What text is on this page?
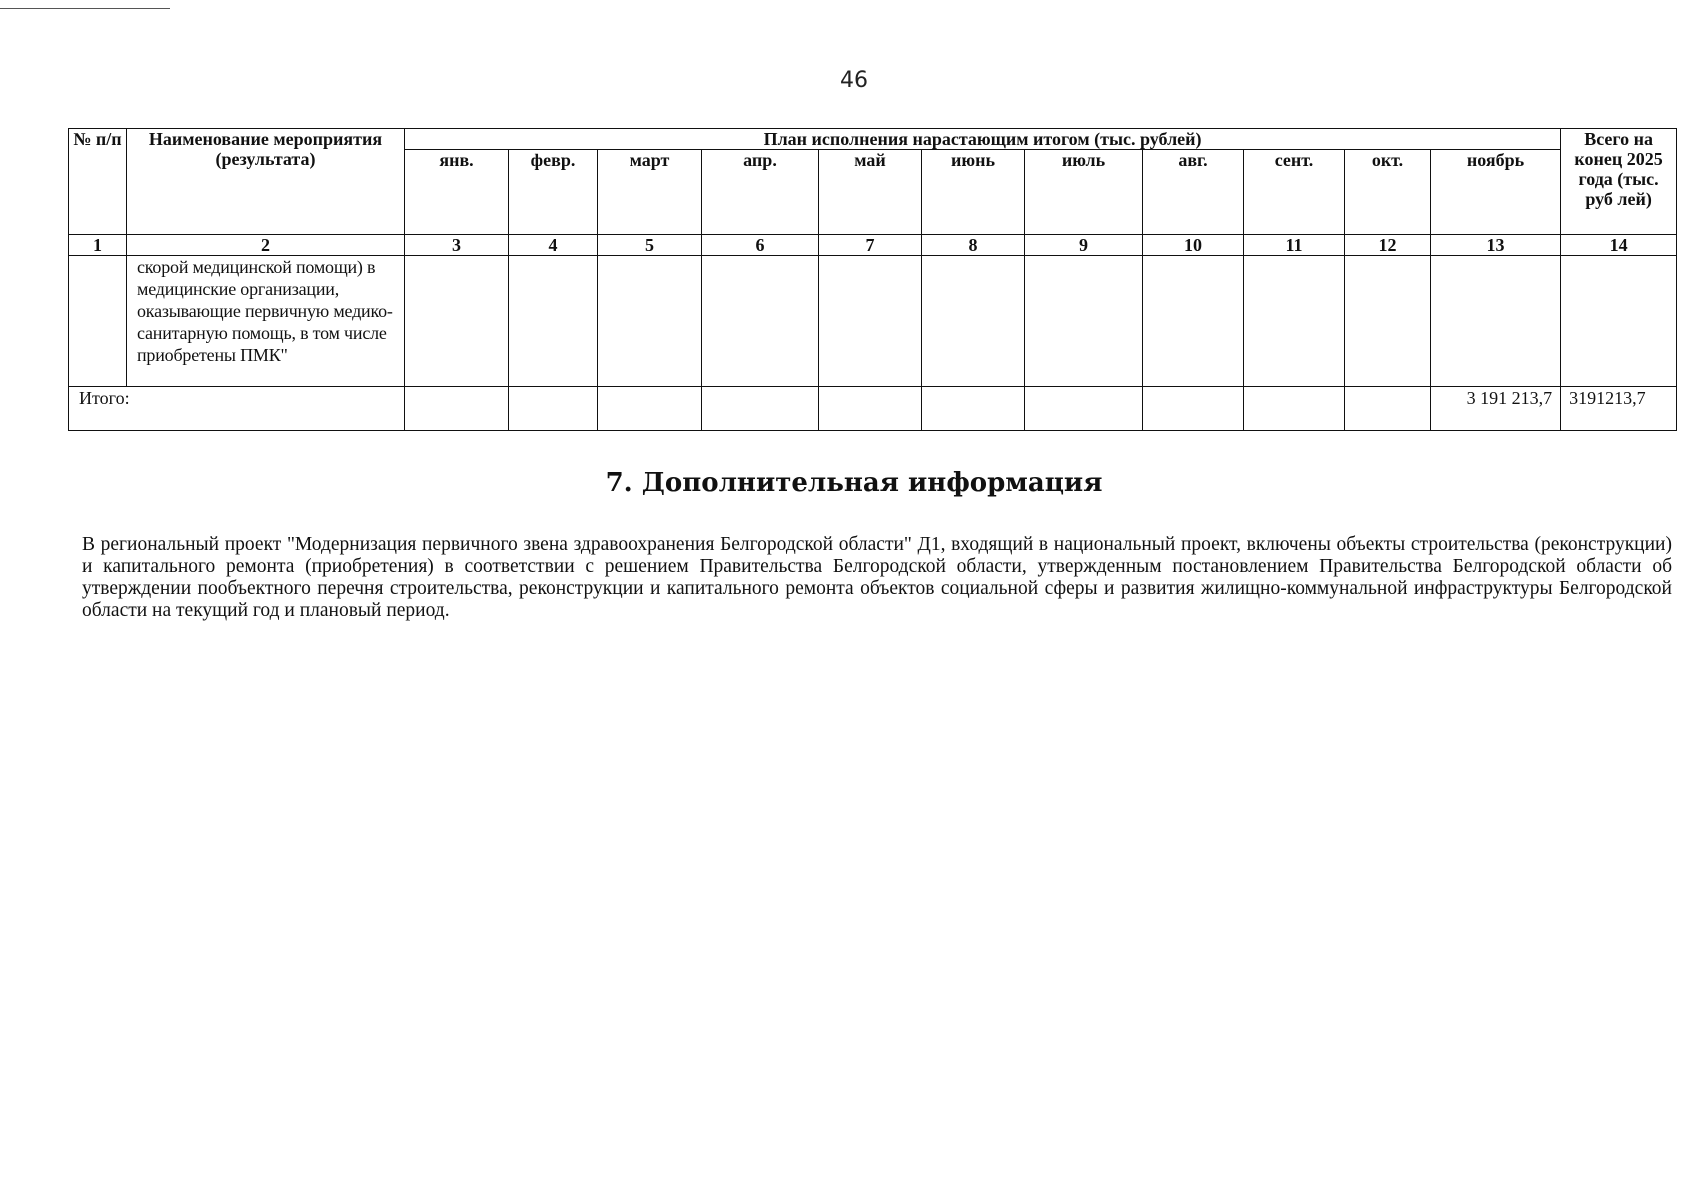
46
№ п/п	Наименование мероприятия (результата)	План исполнения нарастающим итогом (тыс. рублей)											Всего на конец 2025 года (тыс. руб лей)
		янв.	февр.	март	апр.	май	июнь	июль	авг.	сент.	окт.	ноябрь	
1	2	3	4	5	6	7	8	9	10	11	12	13	14
	скорой медицинской помощи) в медицинские организации, оказывающие первичную медико-санитарную помощь, в том числе приобретены ПМК"												
Итого:												3 191 213,7	3191213,7
7. Дополнительная информация

В региональный проект "Модернизация первичного звена здравоохранения Белгородской области" Д1, входящий в национальный проект, включены объекты строительства (реконструкции) и капитального ремонта (приобретения) в соответствии с решением Правительства Белгородской области, утвержденным постановлением Правительства Белгородской области об утверждении пообъектного перечня строительства, реконструкции и капитального ремонта объектов социальной сферы и развития жилищно-коммунальной инфраструктуры Белгородской области на текущий год и плановый период.
